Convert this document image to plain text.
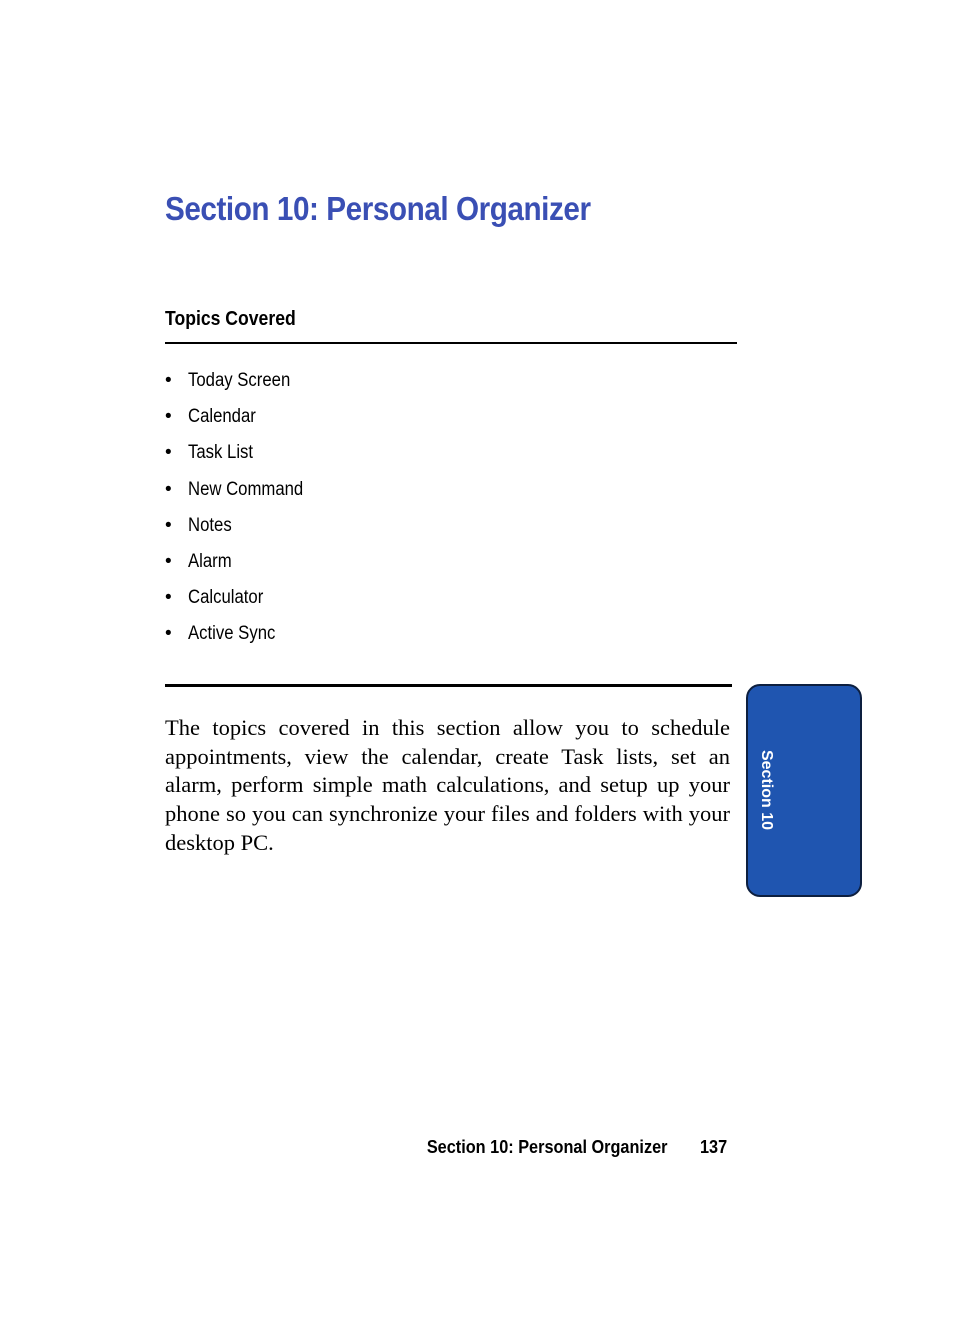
Section 10: Personal Organizer
Topics Covered
• Today Screen
• Calendar
• Task List
• New Command
• Notes
• Alarm
• Calculator
• Active Sync

The topics covered in this section allow you to schedule appointments, view the calendar, create Task lists, set an alarm, perform simple math calculations, and setup up your phone so you can synchronize your files and folders with your desktop PC.

Section 10
Section 10: Personal Organizer 137
